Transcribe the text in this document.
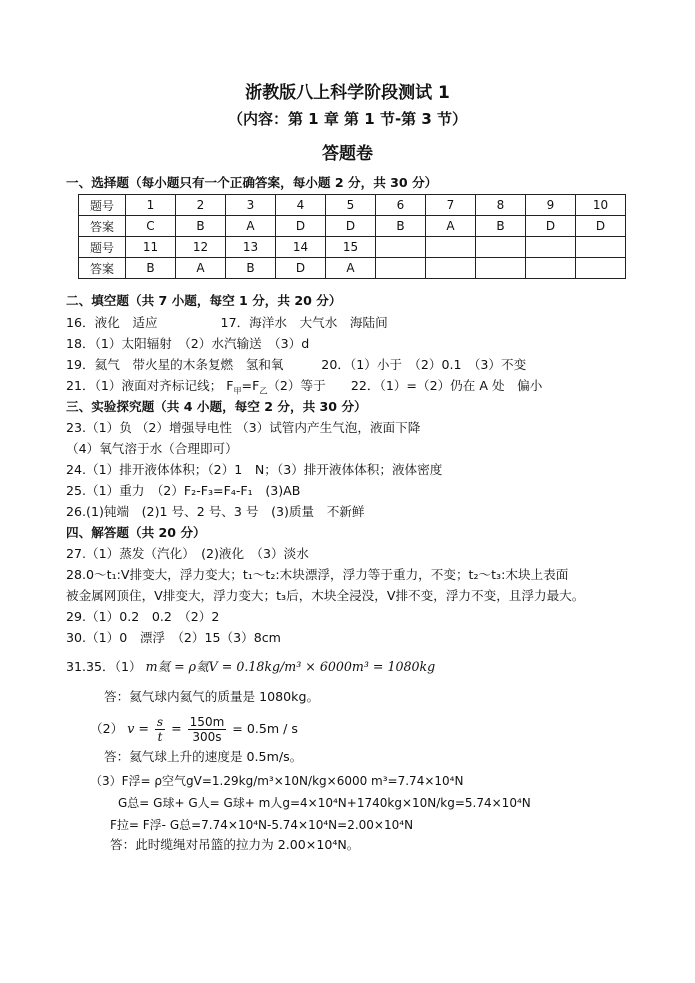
浙教版八上科学阶段测试 1
（内容：第 1 章 第 1 节-第 3 节）
答题卷
一、选择题（每小题只有一个正确答案，每小题 2 分，共 30 分）
题号	1	2	3	4	5	6	7	8	9	10
答案	C	B	A	D	D	B	A	B	D	D
题号	11	12	13	14	15					
答案	B	A	B	D	A					
二、填空题（共 7 小题，每空 1 分，共 20 分）
16．液化　适应　　　　　17．海洋水　大气水　海陆间
18．（1）太阳辐射　（2）水汽输送　（3）d
19．氦气　带火星的木条复燃　氢和氧　　　20．（1）小于　（2）0.1　（3）不变
21．（1）液面对齐标记线； $F_甲=F_乙(2)$等于　　22．（1）=（2）仍在 A 处　偏小
三、实验探究题（共 4 小题，每空 2 分，共 30 分）
23.（1）负 （2）增强导电性 （3）试管内产生气泡，液面下降
（4）氧气溶于水（合理即可）
24.（1）排开液体体积；（2）1　N；（3）排开液体体积；液体密度
25.（1）重力　（2）F₂-F₃=F₄-F₁　(3)AB
26.(1)钝端　(2)1 号、2 号、3 号　(3)质量　不新鲜
四、解答题（共 20 分）
27.（1）蒸发（汽化）　(2)液化　（3）淡水
28.0～t₁:V排变大，浮力变大；t₁～t₂:木块漂浮，浮力等于重力，不变；t₂～t₃:木块上表面
被金属网顶住，V排变大，浮力变大；t₃后，木块全浸没，V排不变，浮力不变，且浮力最大。
29.（1）0.2　0.2　（2）2
30.（1）0　漂浮　（2）15（3）8cm
31.35．（1） m氦 = ρ氦V = 0.18kg/m³ × 6000m³ = 1080kg
答：氦气球内氦气的质量是 1080kg。
（2） $v = \frac{s}{t} = \frac{150m}{300s} = 0.5m / s$
答：氦气球上升的速度是 0.5m/s。
（3）F浮= ρ空气gV=1.29kg/m³×10N/kg×6000 m³=7.74×10⁴N
G总= G球+ G人= G球+ m人g=4×10⁴N+1740kg×10N/kg=5.74×10⁴N
F拉= F浮- G总=7.74×10⁴N-5.74×10⁴N=2.00×10⁴N
答：此时缆绳对吊篮的拉力为 2.00×10⁴N。
